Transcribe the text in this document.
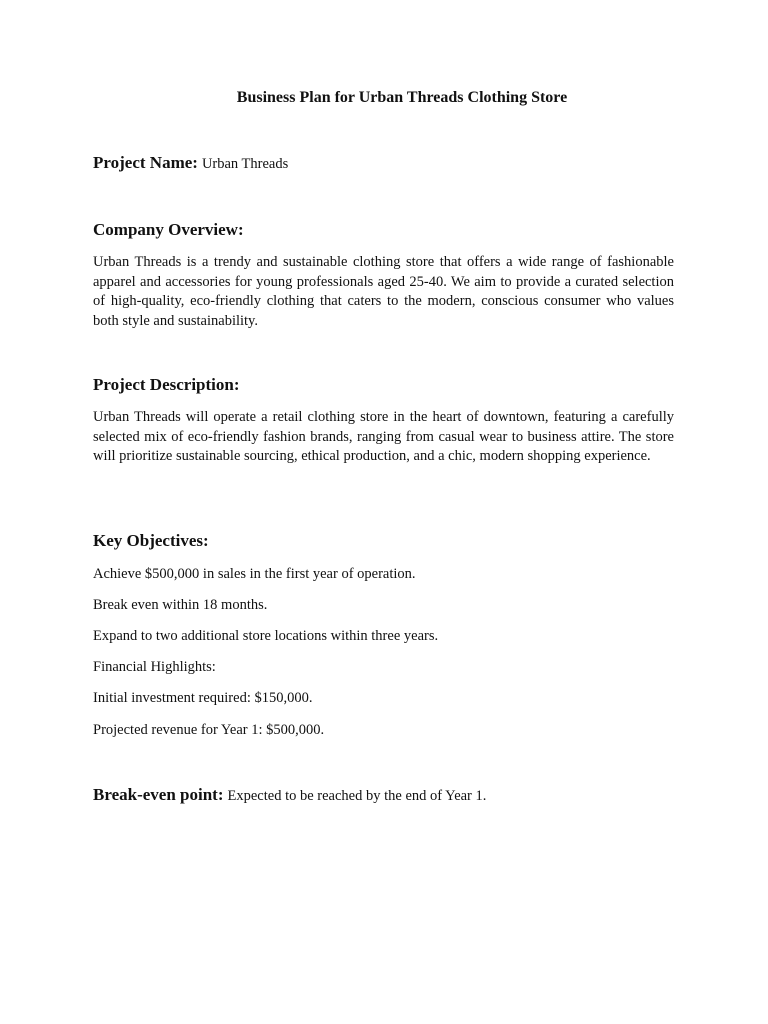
Business Plan for Urban Threads Clothing Store
Project Name: Urban Threads
Company Overview:

Urban Threads is a trendy and sustainable clothing store that offers a wide range of fashionable apparel and accessories for young professionals aged 25-40. We aim to provide a curated selection of high-quality, eco-friendly clothing that caters to the modern, conscious consumer who values both style and sustainability.

Project Description:

Urban Threads will operate a retail clothing store in the heart of downtown, featuring a carefully selected mix of eco-friendly fashion brands, ranging from casual wear to business attire. The store will prioritize sustainable sourcing, ethical production, and a chic, modern shopping experience.

Key Objectives:

Achieve $500,000 in sales in the first year of operation.

Break even within 18 months.

Expand to two additional store locations within three years.

Financial Highlights:

Initial investment required: $150,000.

Projected revenue for Year 1: $500,000.

Break-even point: Expected to be reached by the end of Year 1.
